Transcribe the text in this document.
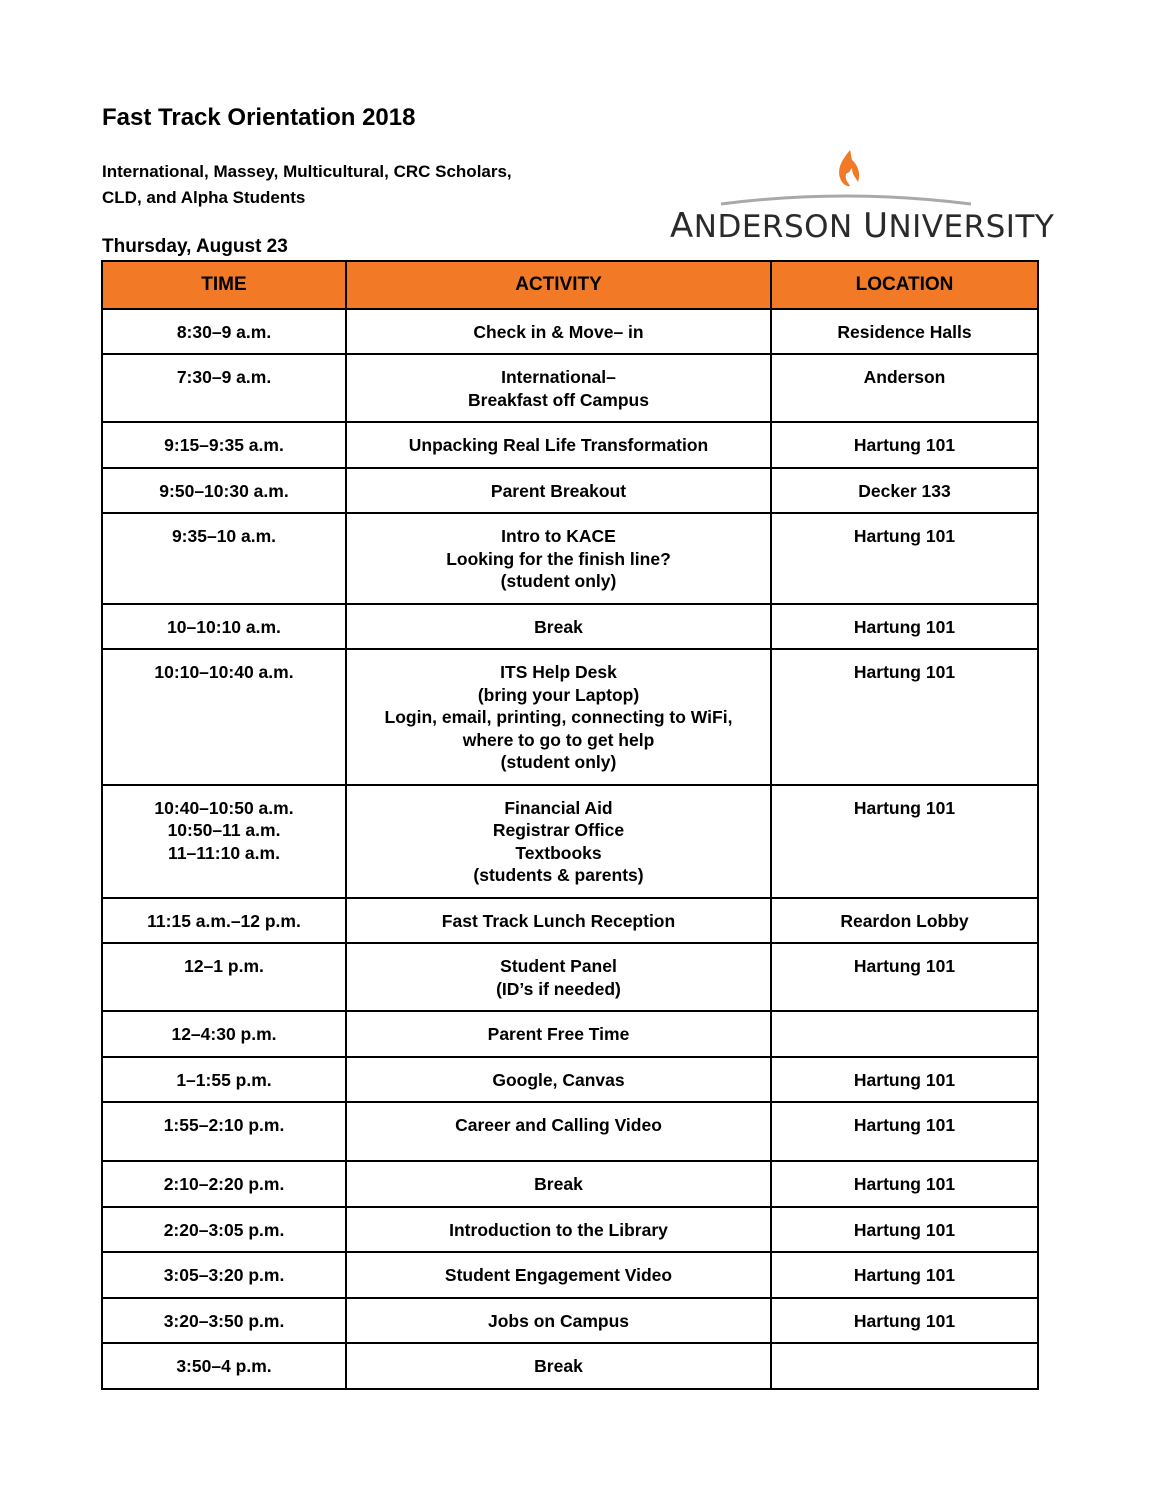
Fast Track Orientation 2018
International, Massey, Multicultural, CRC Scholars,
CLD, and Alpha Students
Thursday, August 23
ANDERSON UNIVERSITY
TIME	ACTIVITY	LOCATION

8:30–9 a.m.	Check in & Move– in	Residence Halls

7:30–9 a.m.	International–
Breakfast off Campus	Anderson

9:15–9:35 a.m.	Unpacking Real Life Transformation	Hartung 101

9:50–10:30 a.m.	Parent Breakout	Decker 133

9:35–10 a.m.	Intro to KACE
Looking for the finish line?
(student only)	Hartung 101

10–10:10 a.m.	Break	Hartung 101

10:10–10:40 a.m.	ITS Help Desk
(bring your Laptop)
Login, email, printing, connecting to WiFi,
where to go to get help
(student only)	Hartung 101

10:40–10:50 a.m.
10:50–11 a.m.
11–11:10 a.m.	Financial Aid
Registrar Office
Textbooks
(students & parents)	Hartung 101

11:15 a.m.–12 p.m.	Fast Track Lunch Reception	Reardon Lobby

12–1 p.m.	Student Panel
(ID’s if needed)	Hartung 101

12–4:30 p.m.	Parent Free Time	

1–1:55 p.m.	Google, Canvas	Hartung 101

1:55–2:10 p.m.	Career and Calling Video	Hartung 101

2:10–2:20 p.m.	Break	Hartung 101

2:20–3:05 p.m.	Introduction to the Library	Hartung 101

3:05–3:20 p.m.	Student Engagement Video	Hartung 101

3:20–3:50 p.m.	Jobs on Campus	Hartung 101

3:50–4 p.m.	Break	
